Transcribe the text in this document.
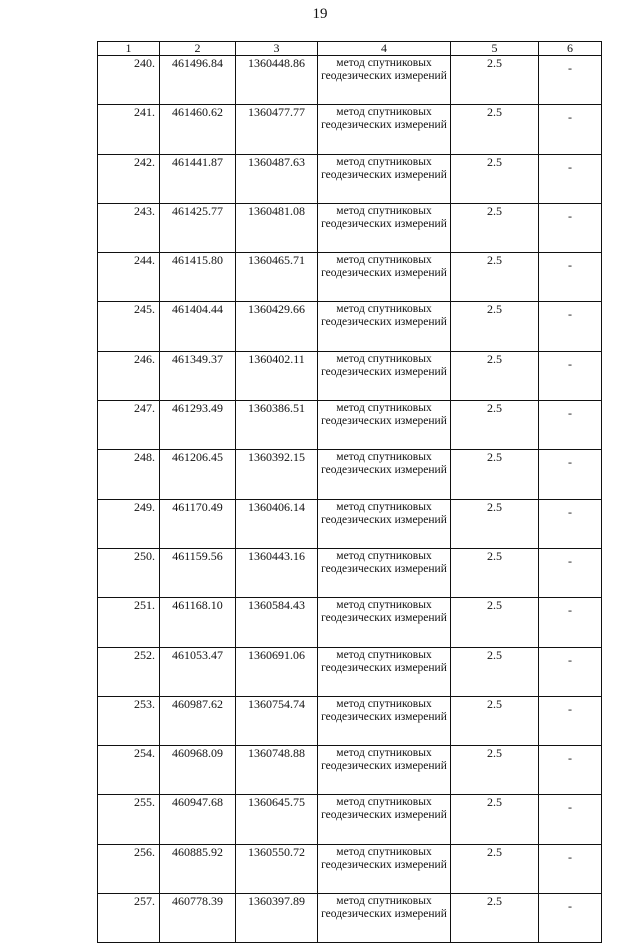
19
1	2	3	4	5	6
240.	461496.84	1360448.86	метод спутниковых геодезических измерений	2.5	-
241.	461460.62	1360477.77	метод спутниковых геодезических измерений	2.5	-
242.	461441.87	1360487.63	метод спутниковых геодезических измерений	2.5	-
243.	461425.77	1360481.08	метод спутниковых геодезических измерений	2.5	-
244.	461415.80	1360465.71	метод спутниковых геодезических измерений	2.5	-
245.	461404.44	1360429.66	метод спутниковых геодезических измерений	2.5	-
246.	461349.37	1360402.11	метод спутниковых геодезических измерений	2.5	-
247.	461293.49	1360386.51	метод спутниковых геодезических измерений	2.5	-
248.	461206.45	1360392.15	метод спутниковых геодезических измерений	2.5	-
249.	461170.49	1360406.14	метод спутниковых геодезических измерений	2.5	-
250.	461159.56	1360443.16	метод спутниковых геодезических измерений	2.5	-
251.	461168.10	1360584.43	метод спутниковых геодезических измерений	2.5	-
252.	461053.47	1360691.06	метод спутниковых геодезических измерений	2.5	-
253.	460987.62	1360754.74	метод спутниковых геодезических измерений	2.5	-
254.	460968.09	1360748.88	метод спутниковых геодезических измерений	2.5	-
255.	460947.68	1360645.75	метод спутниковых геодезических измерений	2.5	-
256.	460885.92	1360550.72	метод спутниковых геодезических измерений	2.5	-
257.	460778.39	1360397.89	метод спутниковых геодезических измерений	2.5	-
